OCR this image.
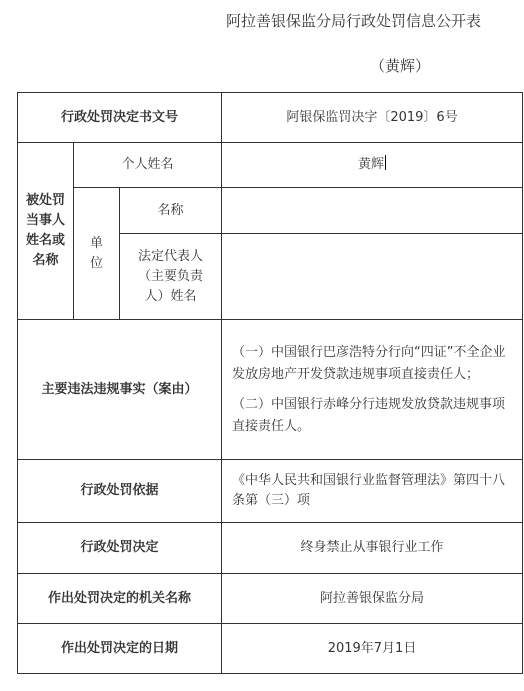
阿拉善银保监分局行政处罚信息公开表
（黄辉）
行政处罚决定书文号			阿银保监罚决字〔2019〕6号
被处罚当事人姓名或名称	个人姓名		黄辉
	单位	名称	
		法定代表人（主要负责人）姓名	
主要违法违规事实（案由）			（一）中国银行巴彦浩特分行向“四证”不全企业发放房地产开发贷款违规事项直接责任人；
（二）中国银行赤峰分行违规发放贷款违规事项直接责任人。

行政处罚依据			《中华人民共和国银行业监督管理法》第四十八条第（三）项
行政处罚决定			终身禁止从事银行业工作
作出处罚决定的机关名称			阿拉善银保监分局
作出处罚决定的日期			2019年7月1日
